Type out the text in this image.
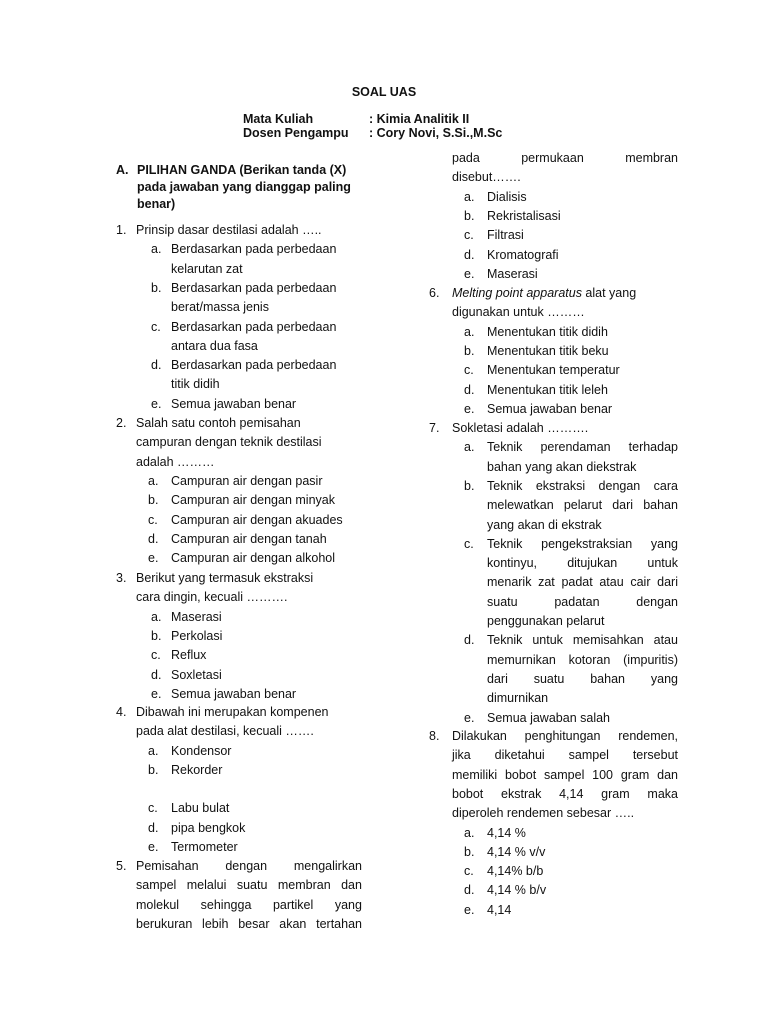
SOAL UAS
Mata Kuliah	: Kimia Analitik II
Dosen Pengampu : Cory Novi, S.Si.,M.Sc
A. PILIHAN GANDA (Berikan tanda (X) pada jawaban yang dianggap paling benar)
1. Prinsip dasar destilasi adalah …..
a. Berdasarkan pada perbedaan
kelarutan zat
b. Berdasarkan pada perbedaan
berat/massa jenis
c. Berdasarkan pada perbedaan
antara dua fasa
d. Berdasarkan pada perbedaan
titik didih
e. Semua jawaban benar
2. Salah satu contoh pemisahan
campuran dengan teknik destilasi
adalah ………
a. Campuran air dengan pasir
b. Campuran air dengan minyak
c. Campuran air dengan akuades
d. Campuran air dengan tanah
e. Campuran air dengan alkohol
3. Berikut yang termasuk ekstraksi
cara dingin, kecuali ……….
a. Maserasi
b. Perkolasi
c. Reflux
d. Soxletasi
e. Semua jawaban benar
4. Dibawah ini merupakan kompenen
pada alat destilasi, kecuali …….
a. Kondensor
b. Rekorder
c. Labu bulat
d. pipa bengkok
e. Termometer
5. Pemisahan dengan mengalirkan
sampel melalui suatu membran dan
molekul sehingga partikel yang
berukuran lebih besar akan tertahan
pada	permukaan	membran
disebut…….
a. Dialisis
b. Rekristalisasi
c. Filtrasi
d. Kromatografi
e. Maserasi
6. Melting point apparatus alat yang
digunakan untuk ………
a. Menentukan titik didih
b. Menentukan titik beku
c. Menentukan temperatur
d. Menentukan titik leleh
e. Semua jawaban benar
7. Sokletasi adalah ……….
a. Teknik perendaman terhadap
bahan yang akan diekstrak
b. Teknik ekstraksi dengan cara
melewatkan pelarut dari bahan
yang akan di ekstrak
c. Teknik pengekstraksian yang
kontinyu, ditujukan untuk
menarik zat padat atau cair dari
suatu	padatan	dengan
penggunakan pelarut
d. Teknik untuk memisahkan atau
memurnikan kotoran (impuritis)
dari suatu bahan yang
dimurnikan
e. Semua jawaban salah
8. Dilakukan penghitungan rendemen,
jika diketahui sampel tersebut
memiliki bobot sampel 100 gram dan
bobot ekstrak 4,14 gram maka
diperoleh rendemen sebesar …..
a. 4,14 %
b. 4,14 % v/v
c. 4,14% b/b
d. 4,14 % b/v
e. 4,14
